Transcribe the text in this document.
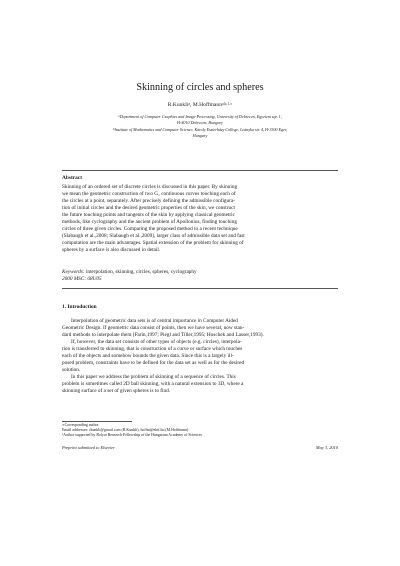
Skinning of circles and spheres
R.Kunkli$^a$, M.Hoffmann$^{a,b,1,∗}$
$^a$Department of Computer Graphics and Image Processing, University of Debrecen, Egyetem sqr. 1,
H-4010 Debrecen, Hungary
$^b$Institute of Mathematics and Computer Science, Károly Eszterházy College, Leányka str. 4, H-3300 Eger,
Hungary
Abstract
Skinning of an ordered set of discrete circles is discussed in this paper. By skinning
we mean the geometric construction of two G₁ continuous curves touching each of
the circles at a point, separately. After precisely defining the admissible configura-
tion of initial circles and the desired geometric properties of the skin, we construct
the future touching points and tangents of the skin by applying classical geometric
methods, like cyclography and the ancient problem of Apollonius, finding touching
circles of three given circles. Comparing the proposed method to a recent technique
(Slabaugh et al.,2008; Slabaugh et al.,2009), larger class of admissible data set and fast
computation are the main advantages. Spatial extension of the problem for skinning of
spheres by a surface is also discussed in detail.
Keywords: interpolation, skinning, circles, spheres, cyclography
2000 MSC: 68U05
1. Introduction
Interpolation of geometric data sets is of central importance in Computer Aided
Geometric Design. If geometric data consist of points, then we have several, now stan-
dard methods to interpolate them (Farin,1997; Piegl and Tiller,1995; Hoschek and Lasser,1993).
If, however, the data set consists of other types of objects (e.g. circles), interpola-
tion is transferred to skinning, that is construction of a curve or surface which touches
each of the objects and somehow bounds the given data. Since this is a largely ill-
posed problem, constraints have to be defined for the data set as well as for the desired
solution.
In this paper we address the problem of skinning of a sequence of circles. This
problem is sometimes called 2D ball skinning, with a natural extension to 3D, where a
skinning surface of a set of given spheres is to find.
∗Corresponding author
Email addresses: rkunkli@gmail.com (R.Kunkli), hoffm@ektf.hu (M.Hoffmann)
¹Author supported by Bolyai Research Fellowship of the Hungarian Academy of Sciences
Preprint submitted to Elsevier	May 3, 2010
